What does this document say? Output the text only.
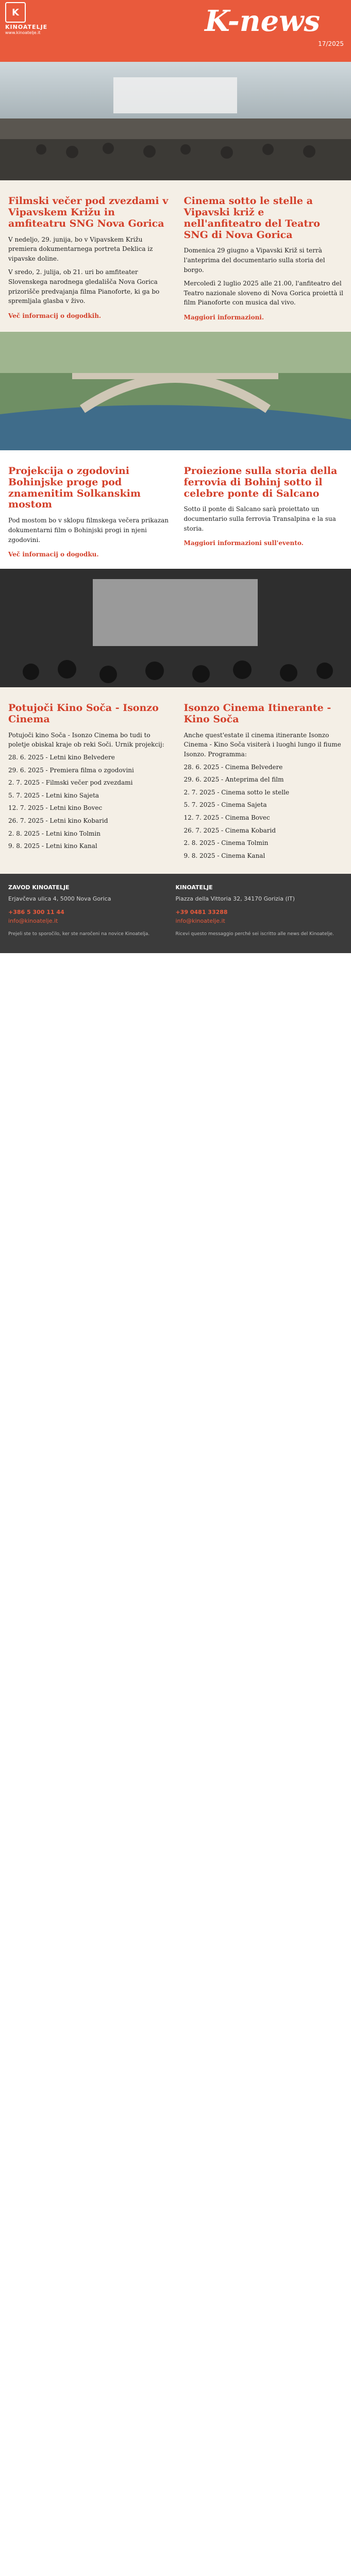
K
KINOATELJE
www.kinoatelje.it	K-news
17/2025
Filmski večer pod zvezdami v Vipavskem Križu in amfiteatru SNG Nova Gorica

V nedeljo, 29. junija, bo v Vipavskem Križu premiera dokumentarnega portreta Deklica iz vipavske doline.

V sredo, 2. julija, ob 21. uri bo amfiteater Slovenskega narodnega gledališča Nova Gorica prizorišče predvajanja filma Pianoforte, ki ga bo spremljala glasba v živo.

Več informacij o dogodkih.
Cinema sotto le stelle a Vipavski križ e nell'anfiteatro del Teatro SNG di Nova Gorica

Domenica 29 giugno a Vipavski Križ si terrà l'anteprima del documentario sulla storia del borgo.

Mercoledì 2 luglio 2025 alle 21.00, l'anfiteatro del Teatro nazionale sloveno di Nova Gorica proiettà il film Pianoforte con musica dal vivo.

Maggiori informazioni.
Projekcija o zgodovini Bohinjske proge pod znamenitim Solkanskim mostom

Pod mostom bo v sklopu filmskega večera prikazan dokumentarni film o Bohinjski progi in njeni zgodovini.

Več informacij o dogodku.
Proiezione sulla storia della ferrovia di Bohinj sotto il celebre ponte di Salcano

Sotto il ponte di Salcano sarà proiettato un documentario sulla ferrovia Transalpina e la sua storia.

Maggiori informazioni sull'evento.
Potujoči Kino Soča - Isonzo Cinema

Potujoči kino Soča - Isonzo Cinema bo tudi to poletje obiskal kraje ob reki Soči. Urnik projekcij:

28. 6. 2025 - Letni kino Belvedere

29. 6. 2025 - Premiera filma o zgodovini

2. 7. 2025 - Filmski večer pod zvezdami

5. 7. 2025 - Letni kino Sajeta

12. 7. 2025 - Letni kino Bovec

26. 7. 2025 - Letni kino Kobarid

2. 8. 2025 - Letni kino Tolmin

9. 8. 2025 - Letni kino Kanal

Isonzo Cinema Itinerante - Kino Soča

Anche quest'estate il cinema itinerante Isonzo Cinema - Kino Soča visiterà i luoghi lungo il fiume Isonzo. Programma:

28. 6. 2025 - Cinema Belvedere

29. 6. 2025 - Anteprima del film

2. 7. 2025 - Cinema sotto le stelle

5. 7. 2025 - Cinema Sajeta

12. 7. 2025 - Cinema Bovec

26. 7. 2025 - Cinema Kobarid

2. 8. 2025 - Cinema Tolmin

9. 8. 2025 - Cinema Kanal

ZAVOD KINOATELJE
Erjavčeva ulica 4, 5000 Nova Gorica
+386 5 300 11 44
info@kinoatelje.it
Prejeli ste to sporočilo, ker ste naročeni na novice Kinoatelja.
KINOATELJE
Piazza della Vittoria 32, 34170 Gorizia (IT)
+39 0481 33288
info@kinoatelje.it
Ricevi questo messaggio perché sei iscritto alle news del Kinoatelje.
